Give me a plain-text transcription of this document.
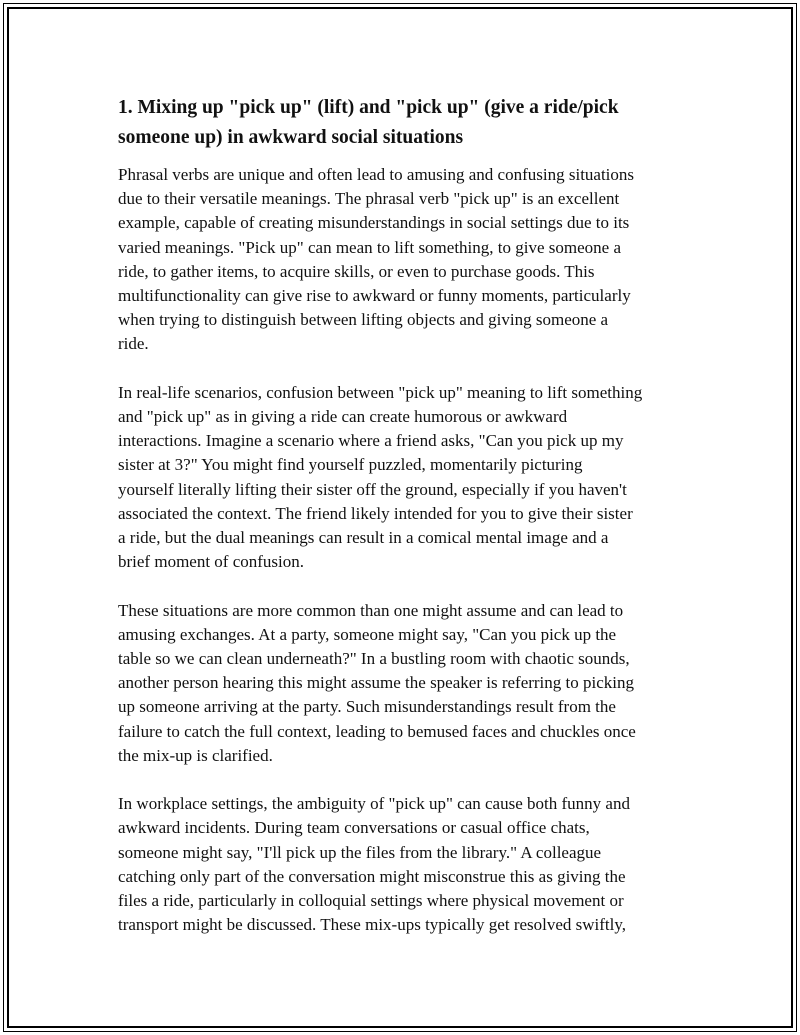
1. Mixing up "pick up" (lift) and "pick up" (give a ride/pick someone up) in awkward social situations

Phrasal verbs are unique and often lead to amusing and confusing situations
due to their versatile meanings. The phrasal verb "pick up" is an excellent
example, capable of creating misunderstandings in social settings due to its
varied meanings. "Pick up" can mean to lift something, to give someone a
ride, to gather items, to acquire skills, or even to purchase goods. This
multifunctionality can give rise to awkward or funny moments, particularly
when trying to distinguish between lifting objects and giving someone a
ride.

In real-life scenarios, confusion between "pick up" meaning to lift something
and "pick up" as in giving a ride can create humorous or awkward
interactions. Imagine a scenario where a friend asks, "Can you pick up my
sister at 3?" You might find yourself puzzled, momentarily picturing
yourself literally lifting their sister off the ground, especially if you haven't
associated the context. The friend likely intended for you to give their sister
a ride, but the dual meanings can result in a comical mental image and a
brief moment of confusion.

These situations are more common than one might assume and can lead to
amusing exchanges. At a party, someone might say, "Can you pick up the
table so we can clean underneath?" In a bustling room with chaotic sounds,
another person hearing this might assume the speaker is referring to picking
up someone arriving at the party. Such misunderstandings result from the
failure to catch the full context, leading to bemused faces and chuckles once
the mix-up is clarified.

In workplace settings, the ambiguity of "pick up" can cause both funny and
awkward incidents. During team conversations or casual office chats,
someone might say, "I'll pick up the files from the library." A colleague
catching only part of the conversation might misconstrue this as giving the
files a ride, particularly in colloquial settings where physical movement or
transport might be discussed. These mix-ups typically get resolved swiftly,
